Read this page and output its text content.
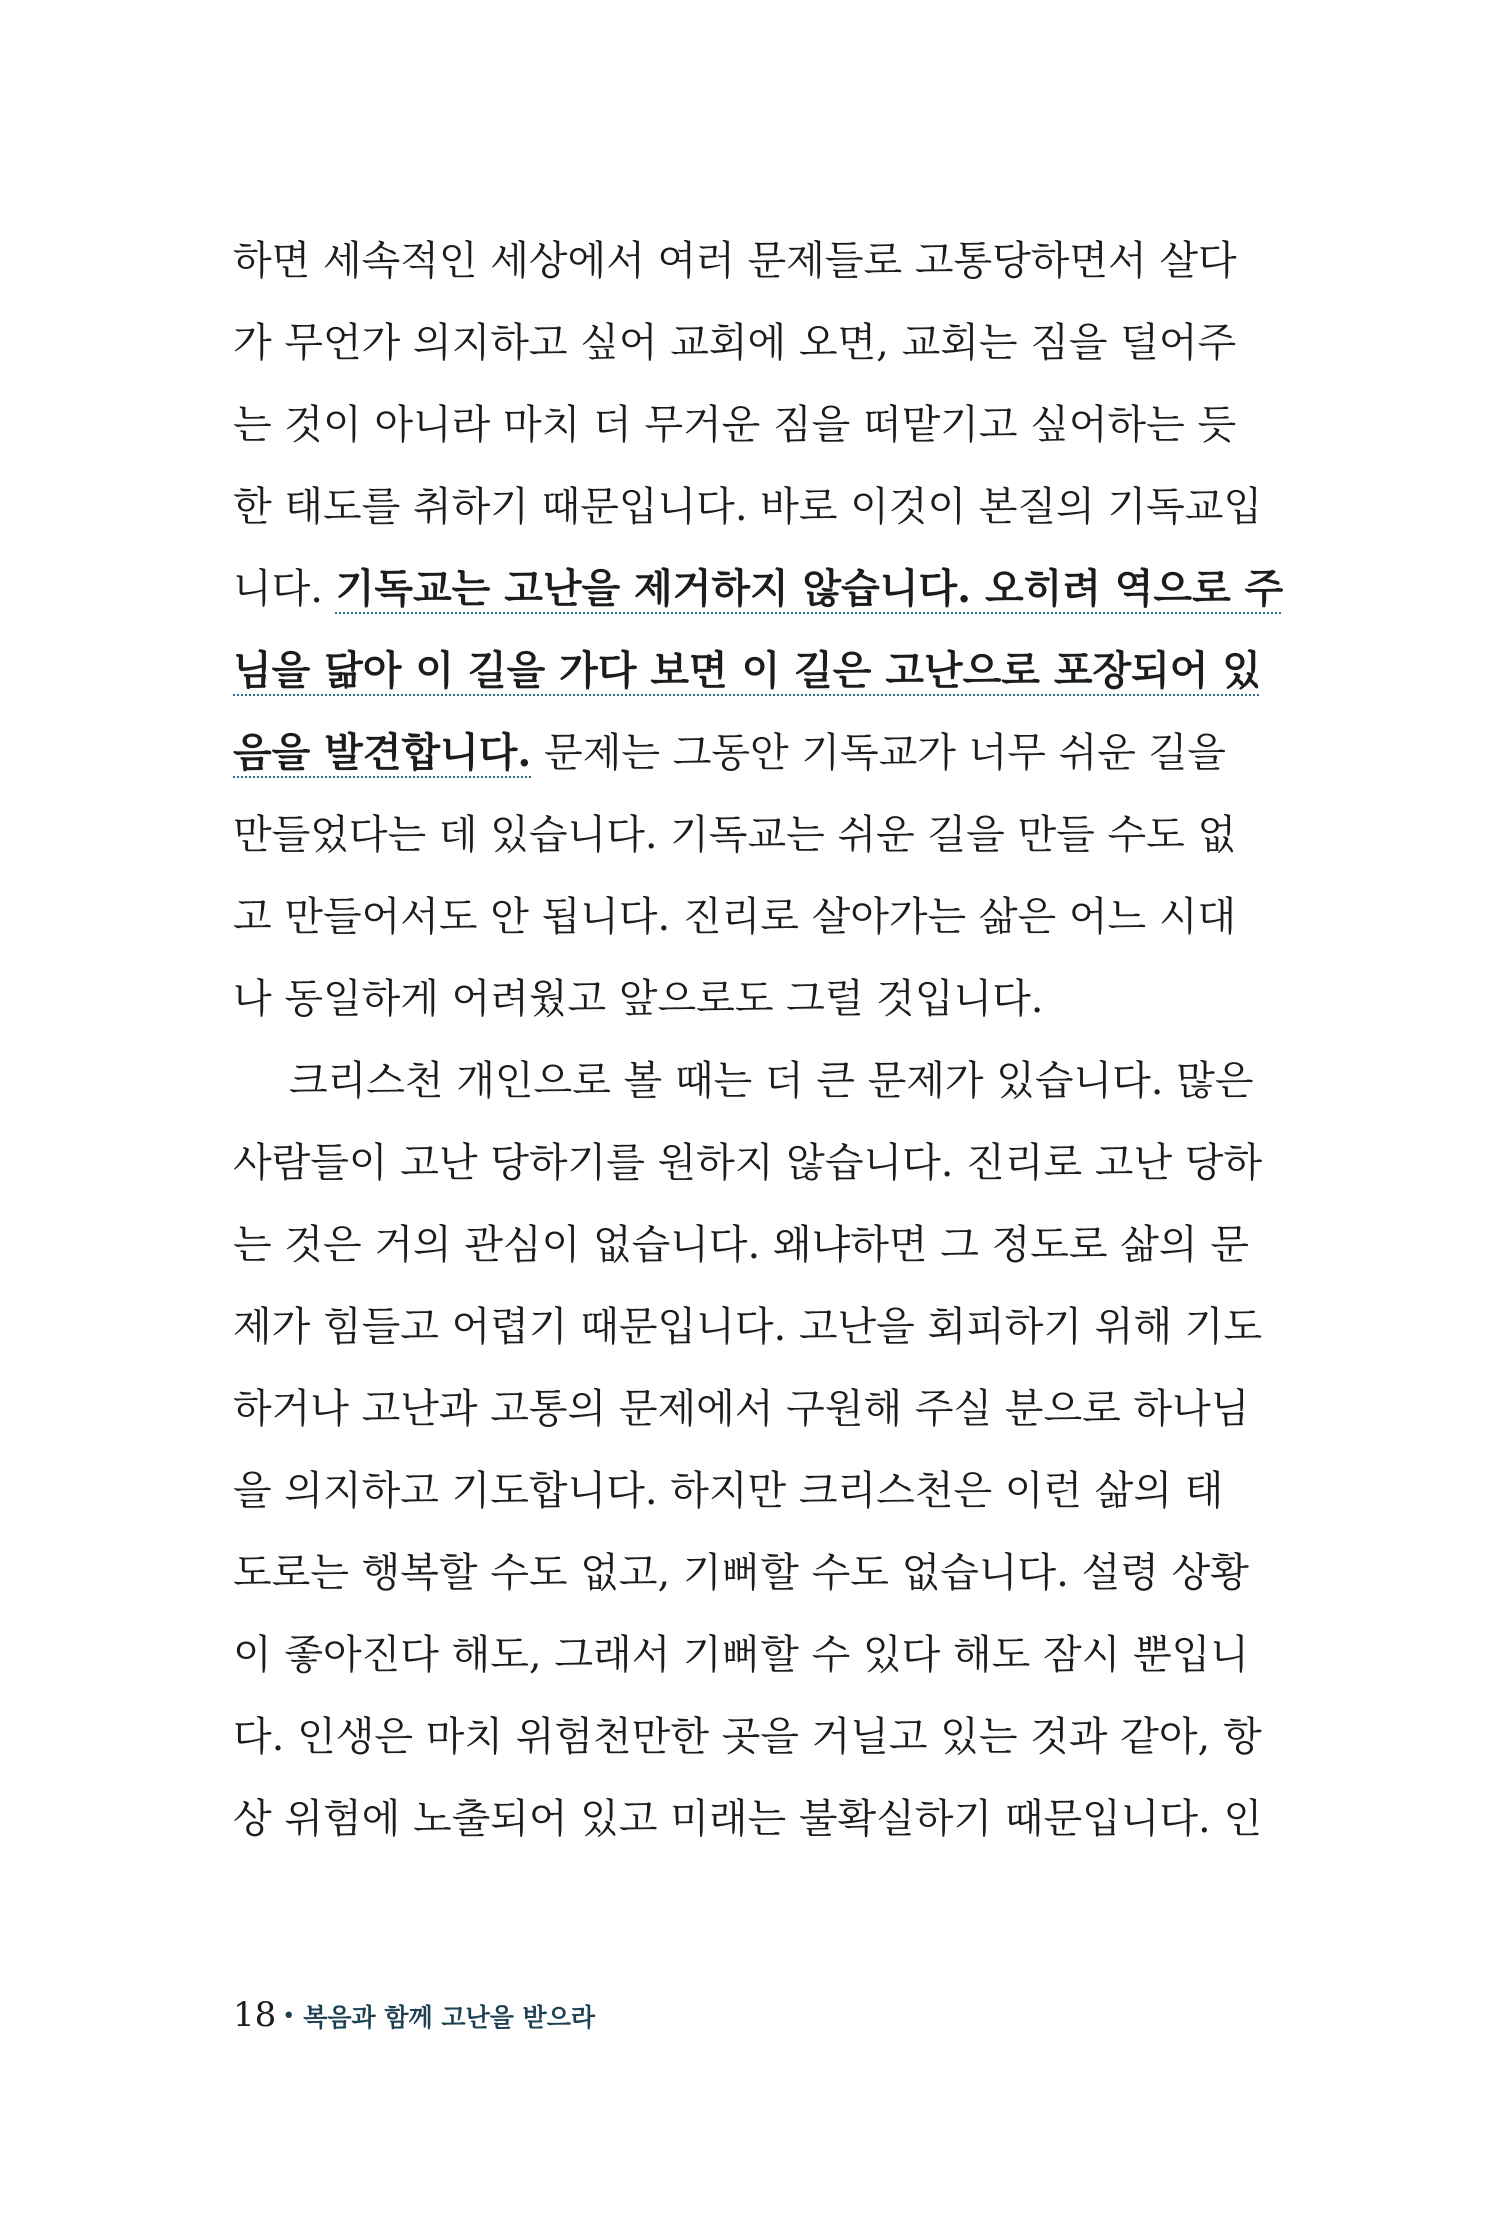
하면 세속적인 세상에서 여러 문제들로 고통당하면서 살다
가 무언가 의지하고 싶어 교회에 오면, 교회는 짐을 덜어주
는 것이 아니라 마치 더 무거운 짐을 떠맡기고 싶어하는 듯
한 태도를 취하기 때문입니다. 바로 이것이 본질의 기독교입
니다. 기독교는 고난을 제거하지 않습니다. 오히려 역으로 주
님을 닮아 이 길을 가다 보면 이 길은 고난으로 포장되어 있
음을 발견합니다. 문제는 그동안 기독교가 너무 쉬운 길을
만들었다는 데 있습니다. 기독교는 쉬운 길을 만들 수도 없
고 만들어서도 안 됩니다. 진리로 살아가는 삶은 어느 시대
나 동일하게 어려웠고 앞으로도 그럴 것입니다.
크리스천 개인으로 볼 때는 더 큰 문제가 있습니다. 많은
사람들이 고난 당하기를 원하지 않습니다. 진리로 고난 당하
는 것은 거의 관심이 없습니다. 왜냐하면 그 정도로 삶의 문
제가 힘들고 어렵기 때문입니다. 고난을 회피하기 위해 기도
하거나 고난과 고통의 문제에서 구원해 주실 분으로 하나님
을 의지하고 기도합니다. 하지만 크리스천은 이런 삶의 태
도로는 행복할 수도 없고, 기뻐할 수도 없습니다. 설령 상황
이 좋아진다 해도, 그래서 기뻐할 수 있다 해도 잠시 뿐입니
다. 인생은 마치 위험천만한 곳을 거닐고 있는 것과 같아, 항
상 위험에 노출되어 있고 미래는 불확실하기 때문입니다. 인
18 • 복음과 함께 고난을 받으라
